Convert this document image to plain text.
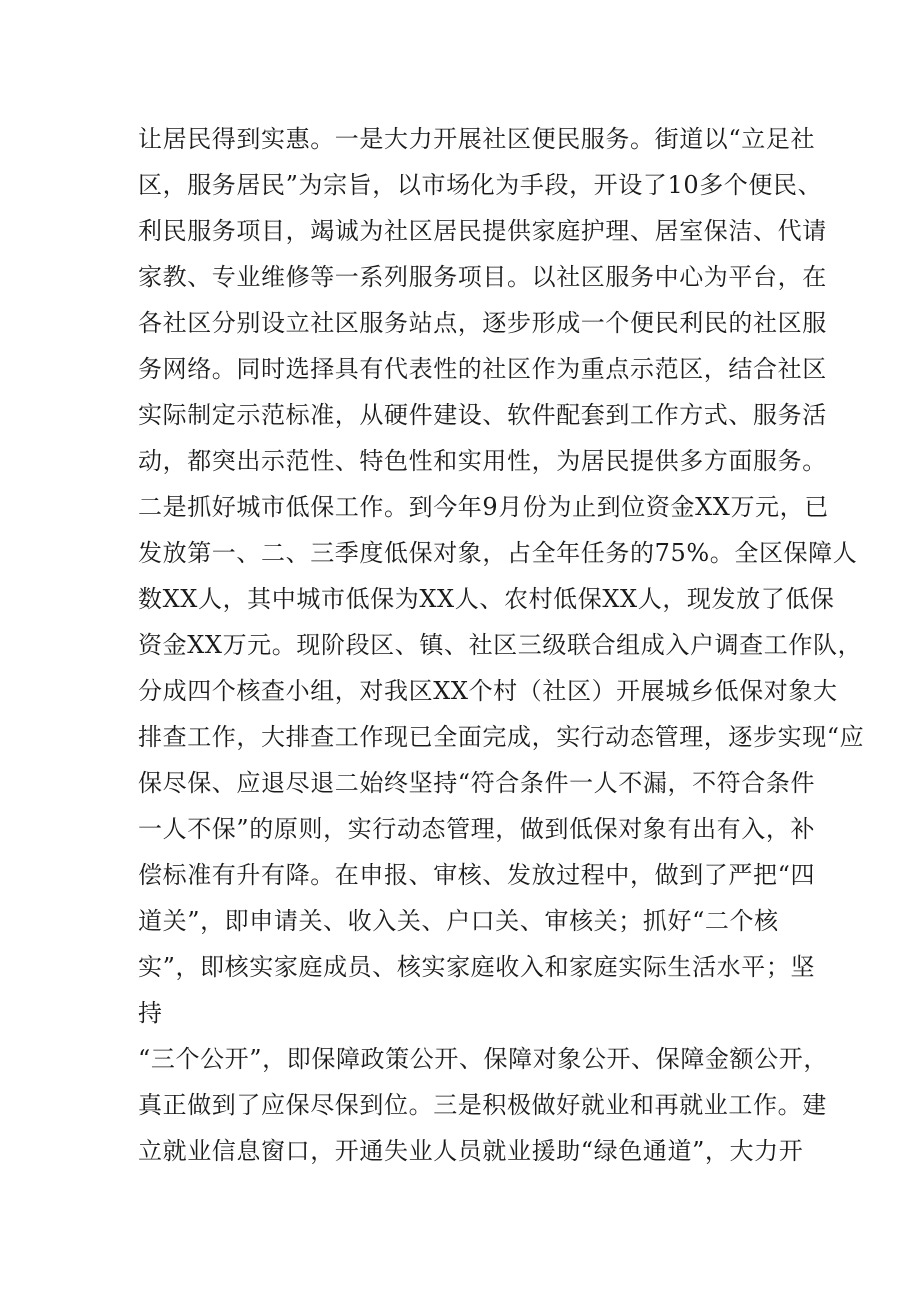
让居民得到实惠。一是大力开展社区便民服务。街道以“立足社
区，服务居民”为宗旨，以市场化为手段，开设了10多个便民、
利民服务项目，竭诚为社区居民提供家庭护理、居室保洁、代请
家教、专业维修等一系列服务项目。以社区服务中心为平台，在
各社区分别设立社区服务站点，逐步形成一个便民利民的社区服
务网络。同时选择具有代表性的社区作为重点示范区，结合社区
实际制定示范标准，从硬件建设、软件配套到工作方式、服务活
动，都突出示范性、特色性和实用性，为居民提供多方面服务。
二是抓好城市低保工作。到今年9月份为止到位资金XX万元，已
发放第一、二、三季度低保对象，占全年任务的75%。全区保障人
数XX人，其中城市低保为XX人、农村低保XX人，现发放了低保
资金XX万元。现阶段区、镇、社区三级联合组成入户调查工作队，
分成四个核查小组，对我区XX个村（社区）开展城乡低保对象大
排查工作，大排查工作现已全面完成，实行动态管理，逐步实现“应
保尽保、应退尽退二始终坚持“符合条件一人不漏，不符合条件
一人不保”的原则，实行动态管理，做到低保对象有出有入，补
偿标准有升有降。在申报、审核、发放过程中，做到了严把“四
道关”，即申请关、收入关、户口关、审核关；抓好“二个核
实”，即核实家庭成员、核实家庭收入和家庭实际生活水平；坚
持
“三个公开”，即保障政策公开、保障对象公开、保障金额公开，
真正做到了应保尽保到位。三是积极做好就业和再就业工作。建
立就业信息窗口，开通失业人员就业援助“绿色通道”，大力开
